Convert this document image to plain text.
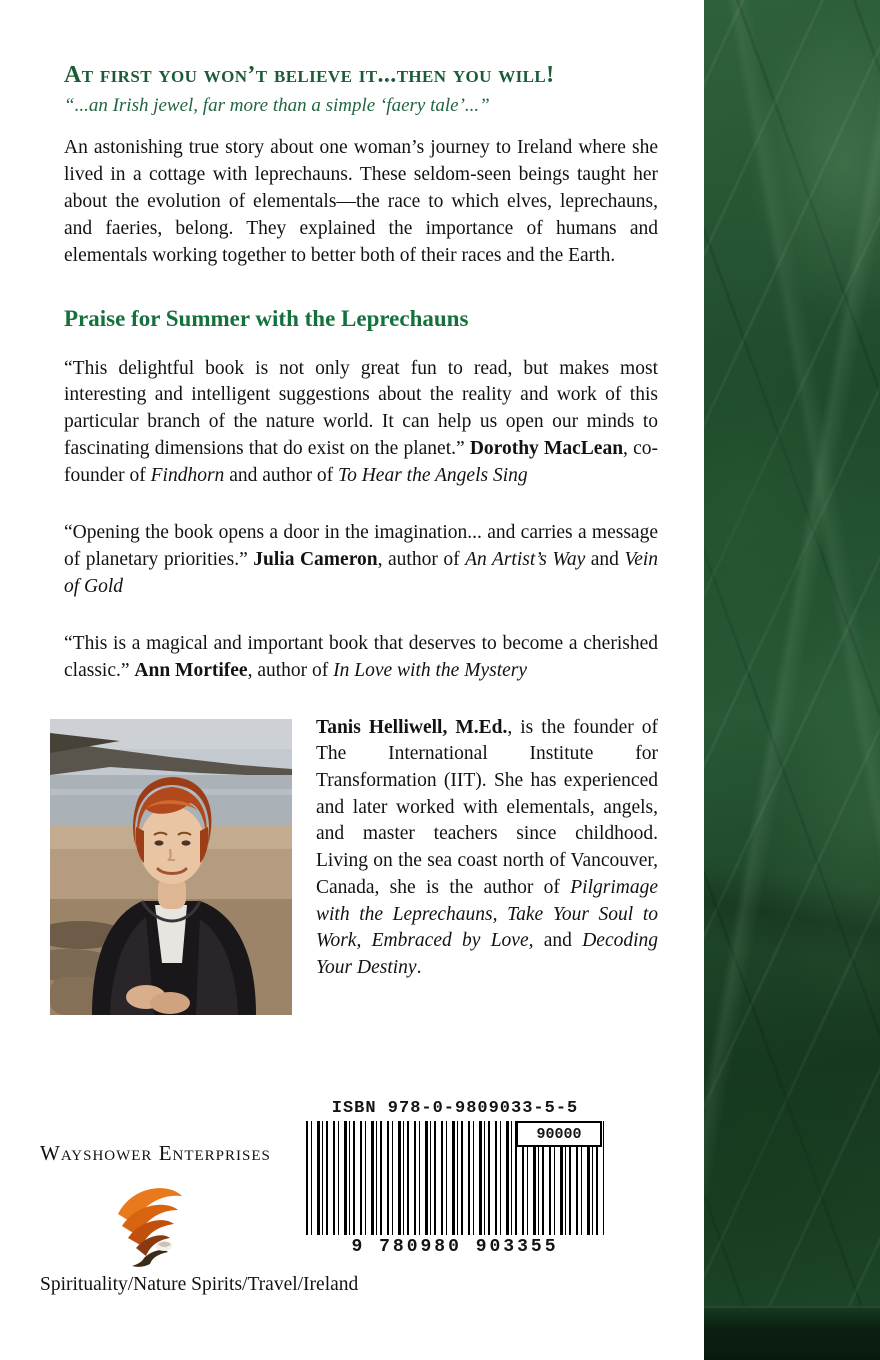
At first you won’t believe it...then you will!

“...an Irish jewel, far more than a simple ‘faery tale’...”

An astonishing true story about one woman’s journey to Ireland where she lived in a cottage with leprechauns. These seldom-seen beings taught her about the evolution of elementals—the race to which elves, leprechauns, and faeries, belong. They explained the importance of humans and elementals working together to better both of their races and the Earth.

Praise for Summer with the Leprechauns

“This delightful book is not only great fun to read, but makes most interesting and intelligent suggestions about the reality and work of this particular branch of the nature world. It can help us open our minds to fascinating dimensions that do exist on the planet.” Dorothy MacLean, co-founder of Findhorn and author of To Hear the Angels Sing

“Opening the book opens a door in the imagination... and carries a message of planetary priorities.” Julia Cameron, author of An Artist’s Way and Vein of Gold

“This is a magical and important book that deserves to become a cherished classic.” Ann Mortifee, author of In Love with the Mystery

Tanis Helliwell, M.Ed., is the founder of The International Institute for Transformation (IIT). She has experienced and later worked with elementals, angels, and master teachers since childhood. Living on the sea coast north of Vancouver, Canada, she is the author of Pilgrimage with the Leprechauns, Take Your Soul to Work, Embraced by Love, and Decoding Your Destiny.

Wayshower Enterprises
ISBN 978-0-9809033-5-5
90000
9 780980 903355
Spirituality/Nature Spirits/Travel/Ireland
